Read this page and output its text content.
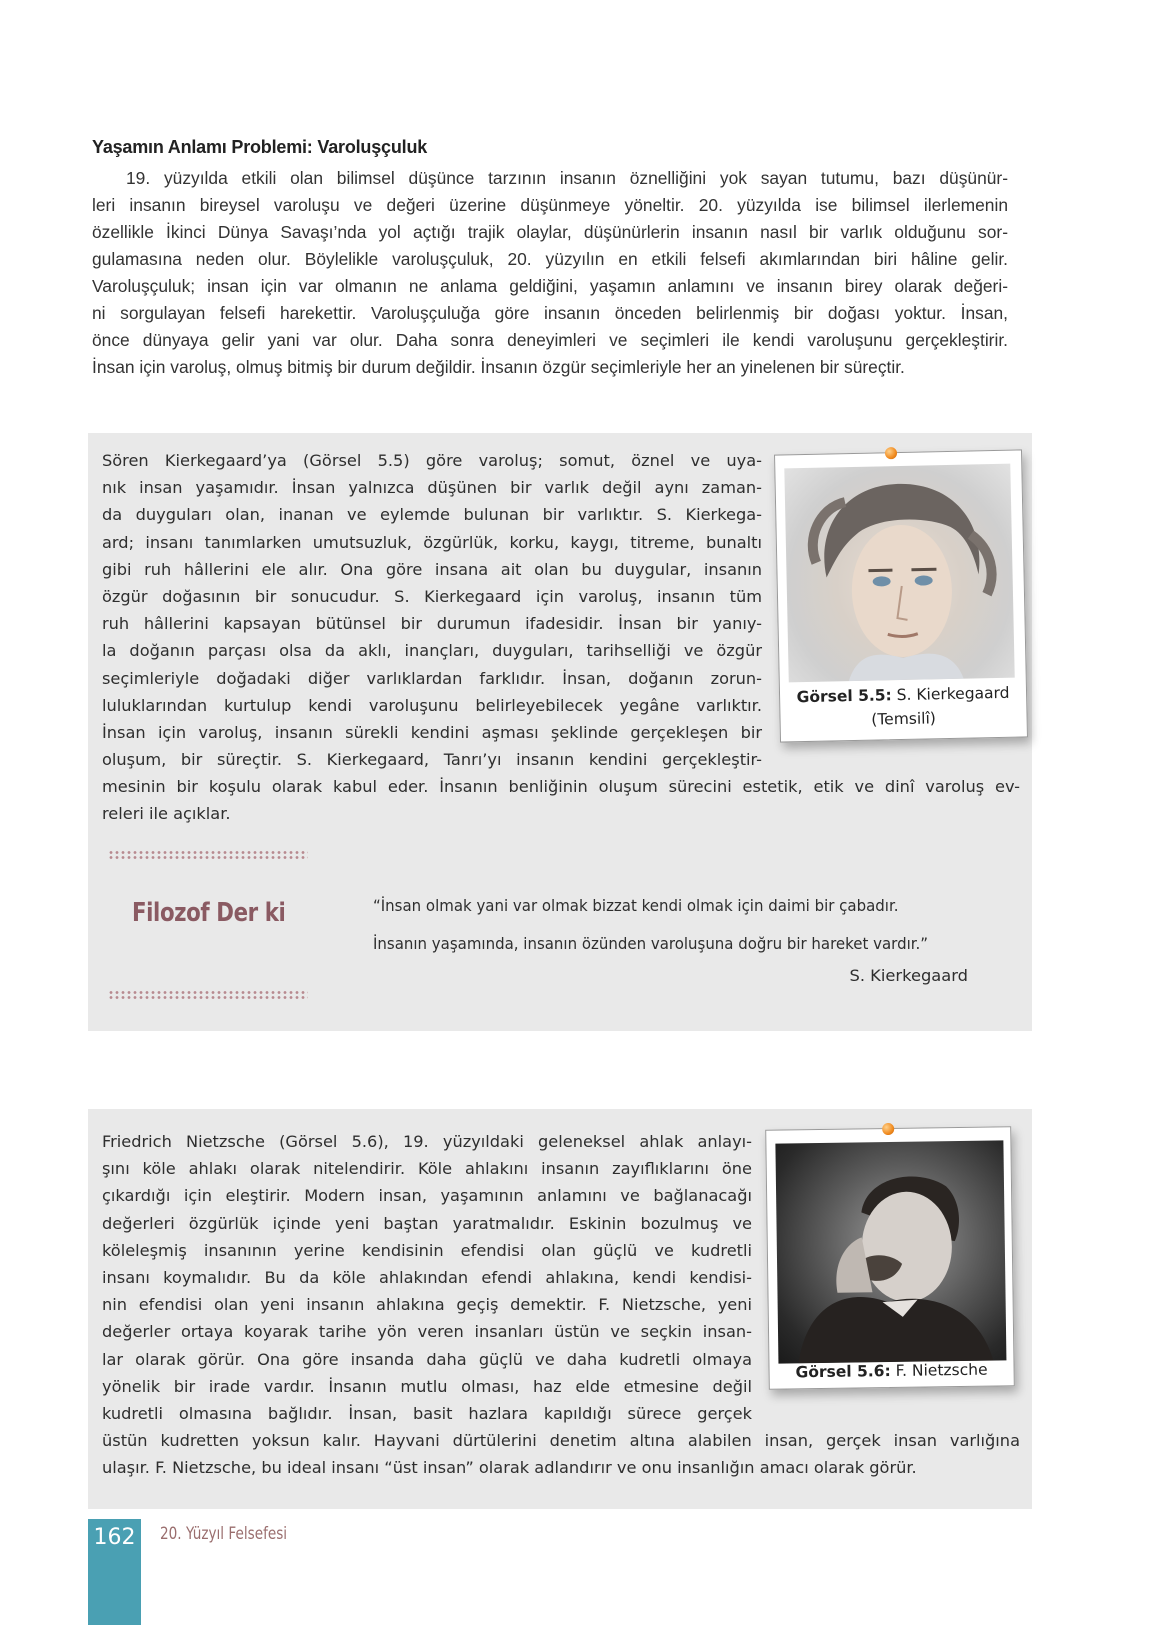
Yaşamın Anlamı Problemi: Varoluşçuluk
19. yüzyılda etkili olan bilimsel düşünce tarzının insanın öznelliğini yok sayan tutumu, bazı düşünür-
leri insanın bireysel varoluşu ve değeri üzerine düşünmeye yöneltir. 20. yüzyılda ise bilimsel ilerlemenin
özellikle İkinci Dünya Savaşı’nda yol açtığı trajik olaylar, düşünürlerin insanın nasıl bir varlık olduğunu sor-
gulamasına neden olur. Böylelikle varoluşçuluk, 20. yüzyılın en etkili felsefi akımlarından biri hâline gelir.
Varoluşçuluk; insan için var olmanın ne anlama geldiğini, yaşamın anlamını ve insanın birey olarak değeri-
ni sorgulayan felsefi harekettir. Varoluşçuluğa göre insanın önceden belirlenmiş bir doğası yoktur. İnsan,
önce dünyaya gelir yani var olur. Daha sonra deneyimleri ve seçimleri ile kendi varoluşunu gerçekleştirir.
İnsan için varoluş, olmuş bitmiş bir durum değildir. İnsanın özgür seçimleriyle her an yinelenen bir süreçtir.
Sören Kierkegaard’ya (Görsel 5.5) göre varoluş; somut, öznel ve uya-
nık insan yaşamıdır. İnsan yalnızca düşünen bir varlık değil aynı zaman-
da duyguları olan, inanan ve eylemde bulunan bir varlıktır. S. Kierkega-
ard; insanı tanımlarken umutsuzluk, özgürlük, korku, kaygı, titreme, bunaltı
gibi ruh hâllerini ele alır. Ona göre insana ait olan bu duygular, insanın
özgür doğasının bir sonucudur. S. Kierkegaard için varoluş, insanın tüm
ruh hâllerini kapsayan bütünsel bir durumun ifadesidir. İnsan bir yanıy-
la doğanın parçası olsa da aklı, inançları, duyguları, tarihselliği ve özgür
seçimleriyle doğadaki diğer varlıklardan farklıdır. İnsan, doğanın zorun-
luluklarından kurtulup kendi varoluşunu belirleyebilecek yegâne varlıktır.
İnsan için varoluş, insanın sürekli kendini aşması şeklinde gerçekleşen bir
oluşum, bir süreçtir. S. Kierkegaard, Tanrı’yı insanın kendini gerçekleştir-
mesinin bir koşulu olarak kabul eder. İnsanın benliğinin oluşum sürecini estetik, etik ve dinî varoluş ev-
releri ile açıklar.
Görsel 5.5: S. Kierkegaard
(Temsilî)
Filozof Der ki	“İnsan olmak yani var olmak bizzat kendi olmak için daimi bir çabadır.
İnsanın yaşamında, insanın özünden varoluşuna doğru bir hareket vardır.”
S. Kierkegaard
Friedrich Nietzsche (Görsel 5.6), 19. yüzyıldaki geleneksel ahlak anlayı-
şını köle ahlakı olarak nitelendirir. Köle ahlakını insanın zayıflıklarını öne
çıkardığı için eleştirir. Modern insan, yaşamının anlamını ve bağlanacağı
değerleri özgürlük içinde yeni baştan yaratmalıdır. Eskinin bozulmuş ve
köleleşmiş insanının yerine kendisinin efendisi olan güçlü ve kudretli
insanı koymalıdır. Bu da köle ahlakından efendi ahlakına, kendi kendisi-
nin efendisi olan yeni insanın ahlakına geçiş demektir. F. Nietzsche, yeni
değerler ortaya koyarak tarihe yön veren insanları üstün ve seçkin insan-
lar olarak görür. Ona göre insanda daha güçlü ve daha kudretli olmaya
yönelik bir irade vardır. İnsanın mutlu olması, haz elde etmesine değil
kudretli olmasına bağlıdır. İnsan, basit hazlara kapıldığı sürece gerçek
üstün kudretten yoksun kalır. Hayvani dürtülerini denetim altına alabilen insan, gerçek insan varlığına
ulaşır. F. Nietzsche, bu ideal insanı “üst insan” olarak adlandırır ve onu insanlığın amacı olarak görür.
Görsel 5.6: F. Nietzsche
162	20. Yüzyıl Felsefesi
